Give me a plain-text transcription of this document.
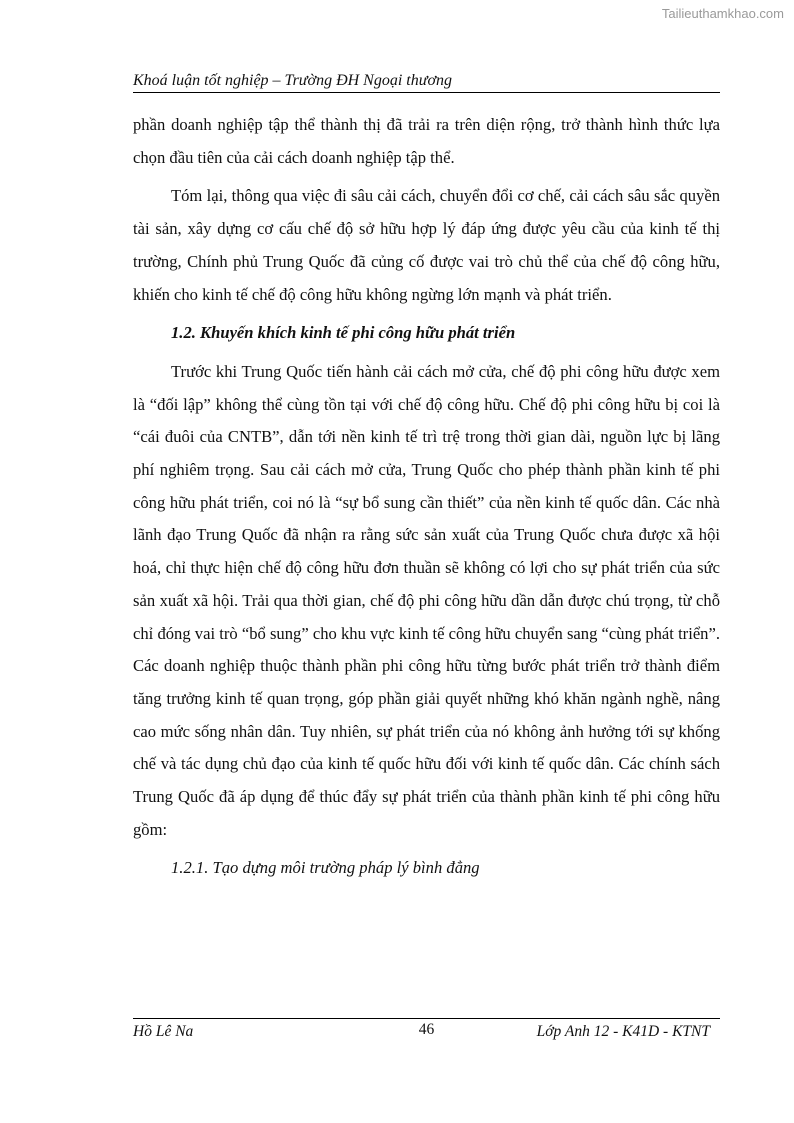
Tailieuthamkhao.com
Khoá luận tốt nghiệp – Trường ĐH Ngoại thương

phần doanh nghiệp tập thể thành thị đã trải ra trên diện rộng, trở thành hình thức lựa chọn đầu tiên của cải cách doanh nghiệp tập thể.

Tóm lại, thông qua việc đi sâu cải cách, chuyển đổi cơ chế, cải cách sâu sắc quyền tài sản, xây dựng cơ cấu chế độ sở hữu hợp lý đáp ứng được yêu cầu của kinh tế thị trường, Chính phủ Trung Quốc đã củng cố được vai trò chủ thể của chế độ công hữu, khiến cho kinh tế chế độ công hữu không ngừng lớn mạnh và phát triển.

1.2. Khuyến khích kinh tế phi công hữu phát triển

Trước khi Trung Quốc tiến hành cải cách mở cửa, chế độ phi công hữu được xem là “đối lập” không thể cùng tồn tại với chế độ công hữu. Chế độ phi công hữu bị coi là “cái đuôi của CNTB”, dẫn tới nền kinh tế trì trệ trong thời gian dài, nguồn lực bị lãng phí nghiêm trọng. Sau cải cách mở cửa, Trung Quốc cho phép thành phần kinh tế phi công hữu phát triển, coi nó là “sự bổ sung cần thiết” của nền kinh tế quốc dân. Các nhà lãnh đạo Trung Quốc đã nhận ra rằng sức sản xuất của Trung Quốc chưa được xã hội hoá, chỉ thực hiện chế độ công hữu đơn thuần sẽ không có lợi cho sự phát triển của sức sản xuất xã hội. Trải qua thời gian, chế độ phi công hữu dần dẫn được chú trọng, từ chỗ chỉ đóng vai trò “bổ sung” cho khu vực kinh tế công hữu chuyển sang “cùng phát triển”. Các doanh nghiệp thuộc thành phần phi công hữu từng bước phát triển trở thành điểm tăng trưởng kinh tế quan trọng, góp phần giải quyết những khó khăn ngành nghề, nâng cao mức sống nhân dân. Tuy nhiên, sự phát triển của nó không ảnh hưởng tới sự khống chế và tác dụng chủ đạo của kinh tế quốc hữu đối với kinh tế quốc dân. Các chính sách Trung Quốc đã áp dụng để thúc đẩy sự phát triển của thành phần kinh tế phi công hữu gồm:

1.2.1. Tạo dựng môi trường pháp lý bình đẳng

Hồ Lê Na	46	Lớp Anh 12 - K41D - KTNT
